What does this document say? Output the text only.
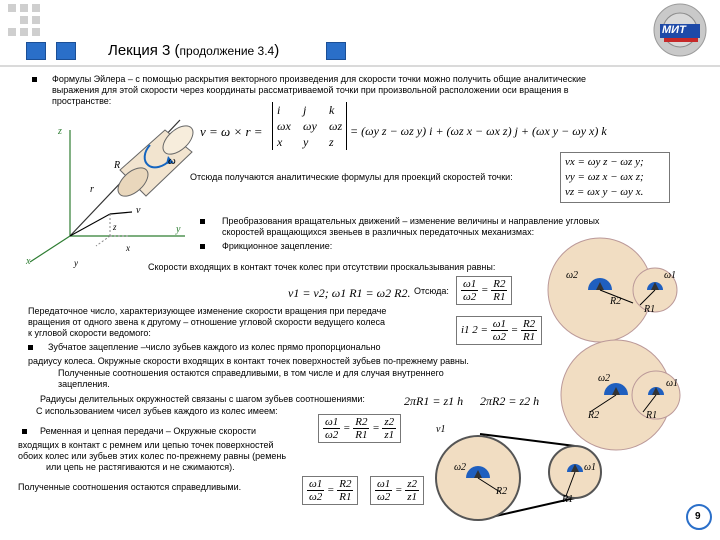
Лекция 3 (продолжение 3.4)
МИТ
Формулы Эйлера – с помощью раскрытия векторного произведения для скорости точки можно получить общие аналитические
выражения для этой скорости через координаты рассматриваемой точки при произвольной расположении оси вращения в
пространстве:
v = ω × r =
i j k
ωx ωy ωz
x y z
= (ωy z − ωz y) i + (ωz x − ωx z) j + (ωx y − ωy x) k
z
y
x
ω
R
r
v
z
x
y
Отсюда получаются аналитические формулы для проекций скоростей точки:
vx = ωy z − ωz y;
vy = ωz x − ωx z;
vz = ωx y − ωy x.
Преобразования вращательных движений – изменение величины и направление угловых
скоростей вращающихся звеньев в различных передаточных механизмах:
Фрикционное зацепление:
Скорости входящих в контакт точек колес при отсутствии проскальзывания равны:
v1 = v2; ω1 R1 = ω2 R2. Отсюда: $\frac{\omega 1}{\omega 2} = \frac{R2}{R1}$
Передаточное число, характеризующее изменение скорости вращения при передаче
вращения от одного звена к другому – отношение угловой скорости ведущего колеса
к угловой скорости ведомого:	i1 $2 = \frac{\omega 1}{\omega 2} = \frac{R2}{R1}$
Зубчатое зацепление –число зубьев каждого из колес прямо пропорционально
радиусу колеса. Окружные скорости входящих в контакт точек поверхностей зубьев по-прежнему равны.
Полученные соотношения остаются справедливыми, в том числе и для случая внутреннего
зацепления.
Радиусы делительных окружностей связаны с шагом зубьев соотношениями:
С использованием чисел зубьев каждого из колес имеем:
2πR1 = z1 h 2πR2 = z2 h
$\frac{\omega 1}{\omega 2} = \frac{R2}{R1} = \frac{z2}{z1}$
Ременная и цепная передачи – Окружные скорости
входящих в контакт с ремнем или цепью точек поверхностей
обоих колес или зубьев этих колес по-прежнему равны (ремень
или цепь не растягиваются и не сжимаются).
Полученные соотношения остаются справедливыми.	$\frac{\omega 1}{\omega 2} = \frac{R2}{R1} \frac{\omega 1}{\omega 2} = \frac{z2}{z1}$
ω2	ω1
R2
R1
ω2	ω1
R2	R1
v1
ω2	ω1
R2
R1
9
